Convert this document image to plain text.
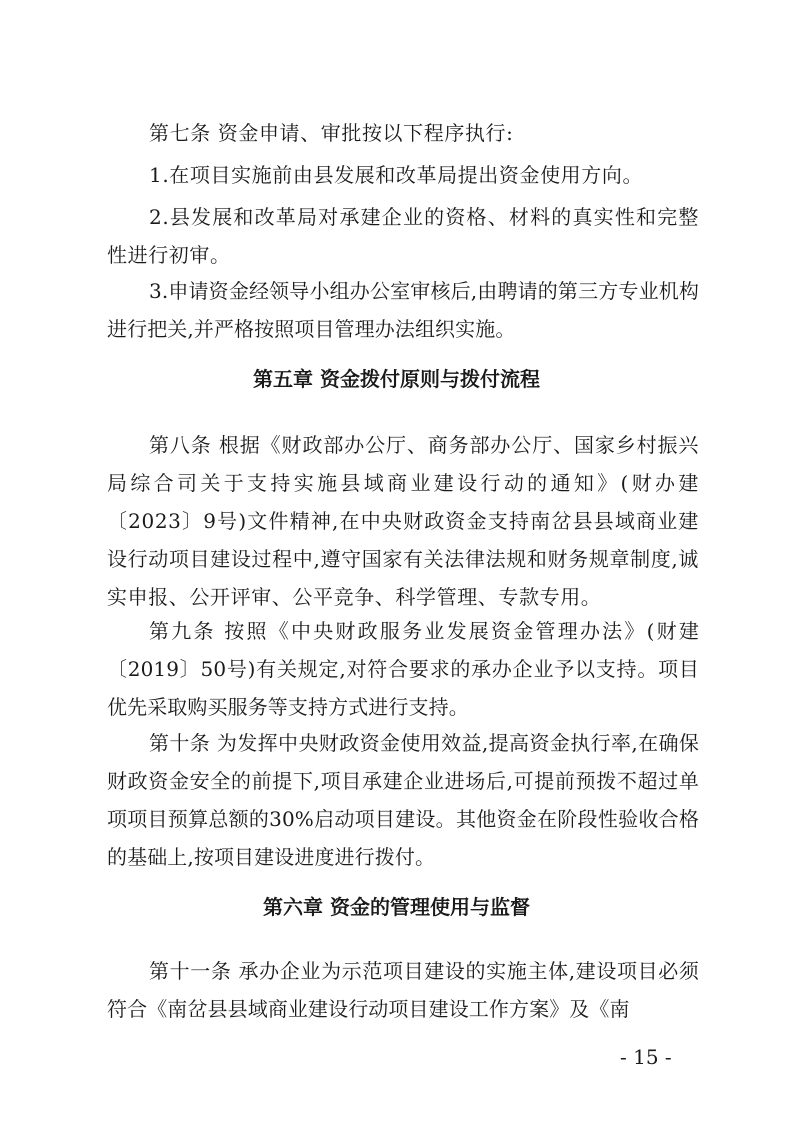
第七条 资金申请、审批按以下程序执行:

1.在项目实施前由县发展和改革局提出资金使用方向。

2.县发展和改革局对承建企业的资格、材料的真实性和完整性进行初审。

3.申请资金经领导小组办公室审核后,由聘请的第三方专业机构进行把关,并严格按照项目管理办法组织实施。

第五章 资金拨付原则与拨付流程

第八条 根据《财政部办公厅、商务部办公厅、国家乡村振兴局综合司关于支持实施县域商业建设行动的通知》(财办建〔2023〕9号)文件精神,在中央财政资金支持南岔县县域商业建设行动项目建设过程中,遵守国家有关法律法规和财务规章制度,诚实申报、公开评审、公平竞争、科学管理、专款专用。

第九条 按照《中央财政服务业发展资金管理办法》(财建〔2019〕50号)有关规定,对符合要求的承办企业予以支持。项目优先采取购买服务等支持方式进行支持。

第十条 为发挥中央财政资金使用效益,提高资金执行率,在确保财政资金安全的前提下,项目承建企业进场后,可提前预拨不超过单项项目预算总额的30%启动项目建设。其他资金在阶段性验收合格的基础上,按项目建设进度进行拨付。

第六章 资金的管理使用与监督

第十一条 承办企业为示范项目建设的实施主体,建设项目必须符合《南岔县县域商业建设行动项目建设工作方案》及《南

- 15 -
